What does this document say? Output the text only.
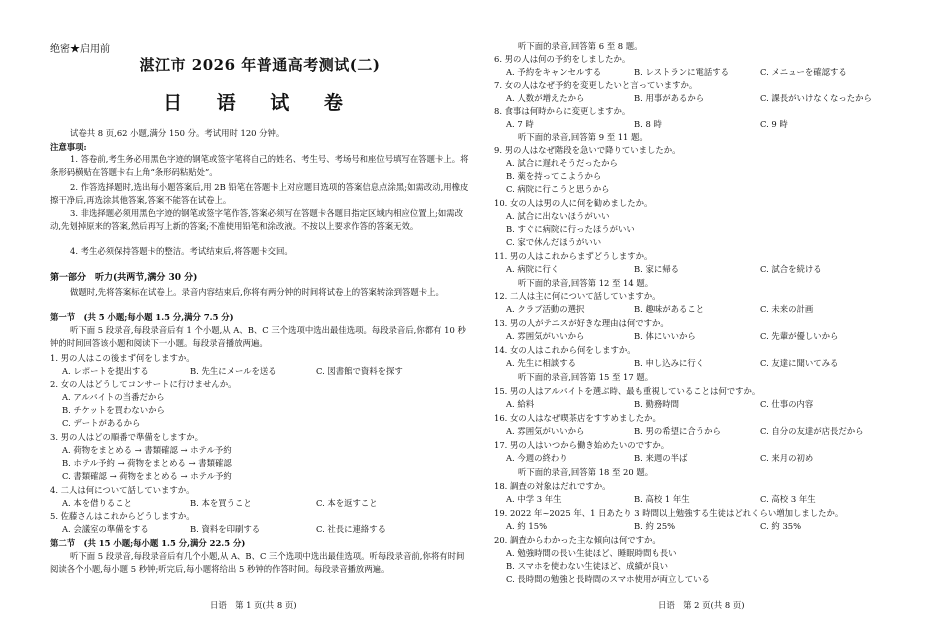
绝密★启用前
湛江市 2026 年普通高考测试(二)
日 语 试 卷
试卷共 8 页,62 小题,满分 150 分。考试用时 120 分钟。
注意事项:
1. 答卷前,考生务必用黑色字迹的钢笔或签字笔将自己的姓名、考生号、考场号和座位号填写在答题卡上。将条形码横贴在答题卡右上角“条形码粘贴处”。
2. 作答选择题时,选出每小题答案后,用 2B 铅笔在答题卡上对应题目选项的答案信息点涂黑;如需改动,用橡皮擦干净后,再选涂其他答案,答案不能答在试卷上。
3. 非选择题必须用黑色字迹的钢笔或签字笔作答,答案必须写在答题卡各题目指定区域内相应位置上;如需改动,先划掉原来的答案,然后再写上新的答案;不准使用铅笔和涂改液。不按以上要求作答的答案无效。
4. 考生必须保持答题卡的整洁。考试结束后,将答题卡交回。
第一部分　听力(共两节,满分 30 分)
做题时,先将答案标在试卷上。录音内容结束后,你将有两分钟的时间将试卷上的答案转涂到答题卡上。
第一节　(共 5 小题;每小题 1.5 分,满分 7.5 分)
听下面 5 段录音,每段录音后有 1 个小题,从 A、B、C 三个选项中选出最佳选项。每段录音后,你都有 10 秒钟的时间回答该小题和阅读下一小题。每段录音播放两遍。
1. 男の人はこの後まず何をしますか。
A. レポートを提出する	B. 先生にメールを送る	C. 図書館で資料を探す
2. 女の人はどうしてコンサートに行けませんか。
A. アルバイトの当番だから
B. チケットを買わないから
C. デートがあるから
3. 男の人はどの順番で準備をしますか。
A. 荷物をまとめる → 書類確認 → ホテル予約
B. ホテル予約 → 荷物をまとめる → 書類確認
C. 書類確認 → 荷物をまとめる → ホテル予約
4. 二人は何について話していますか。
A. 本を借りること	B. 本を買うこと	C. 本を返すこと
5. 佐藤さんはこれからどうしますか。
A. 会議室の準備をする	B. 資料を印刷する	C. 社長に連絡する
第二节　(共 15 小题;每小题 1.5 分,满分 22.5 分)
听下面 5 段录音,每段录音后有几个小题,从 A、B、C 三个选项中选出最佳选项。听每段录音前,你将有时间阅读各个小题,每小题 5 秒钟;听完后,每小题将给出 5 秒钟的作答时间。每段录音播放两遍。
日语　第 1 页(共 8 页)
听下面的录音,回答第 6 至 8 题。
6. 男の人は何の予約をしましたか。
A. 予約をキャンセルする	B. レストランに電話する	C. メニューを確認する
7. 女の人はなぜ予約を変更したいと言っていますか。
A. 人数が増えたから	B. 用事があるから	C. 課長がいけなくなったから
8. 食事は何時からに変更しますか。
A. 7 時	B. 8 時	C. 9 時
听下面的录音,回答第 9 至 11 题。
9. 男の人はなぜ階段を急いで降りていましたか。
A. 試合に遅れそうだったから
B. 薬を持ってこようから
C. 病院に行こうと思うから
10. 女の人は男の人に何を勧めましたか。
A. 試合に出ないほうがいい
B. すぐに病院に行ったほうがいい
C. 家で休んだほうがいい
11. 男の人はこれからまずどうしますか。
A. 病院に行く	B. 家に帰る	C. 試合を続ける
听下面的录音,回答第 12 至 14 题。
12. 二人は主に何について話していますか。
A. クラブ活動の選択	B. 趣味があること	C. 未来の計画
13. 男の人がテニスが好きな理由は何ですか。
A. 雰囲気がいいから	B. 体にいいから	C. 先輩が優しいから
14. 女の人はこれから何をしますか。
A. 先生に相談する	B. 申し込みに行く	C. 友達に聞いてみる
听下面的录音,回答第 15 至 17 题。
15. 男の人はアルバイトを選ぶ時、最も重視していることは何ですか。
A. 給料	B. 勤務時間	C. 仕事の内容
16. 女の人はなぜ喫茶店をすすめましたか。
A. 雰囲気がいいから	B. 男の希望に合うから	C. 自分の友達が店長だから
17. 男の人はいつから働き始めたいのですか。
A. 今週の終わり	B. 来週の半ば	C. 来月の初め
听下面的录音,回答第 18 至 20 题。
18. 調査の対象はだれですか。
A. 中学 3 年生	B. 高校 1 年生	C. 高校 3 年生
19. 2022 年~2025 年、1 日あたり 3 時間以上勉強する生徒はどれくらい増加しましたか。
A. 約 15%	B. 約 25%	C. 約 35%
20. 調査からわかった主な傾向は何ですか。
A. 勉強時間の長い生徒ほど、睡眠時間も長い
B. スマホを使わない生徒ほど、成績が良い
C. 長時間の勉強と長時間のスマホ使用が両立している
日语　第 2 页(共 8 页)
